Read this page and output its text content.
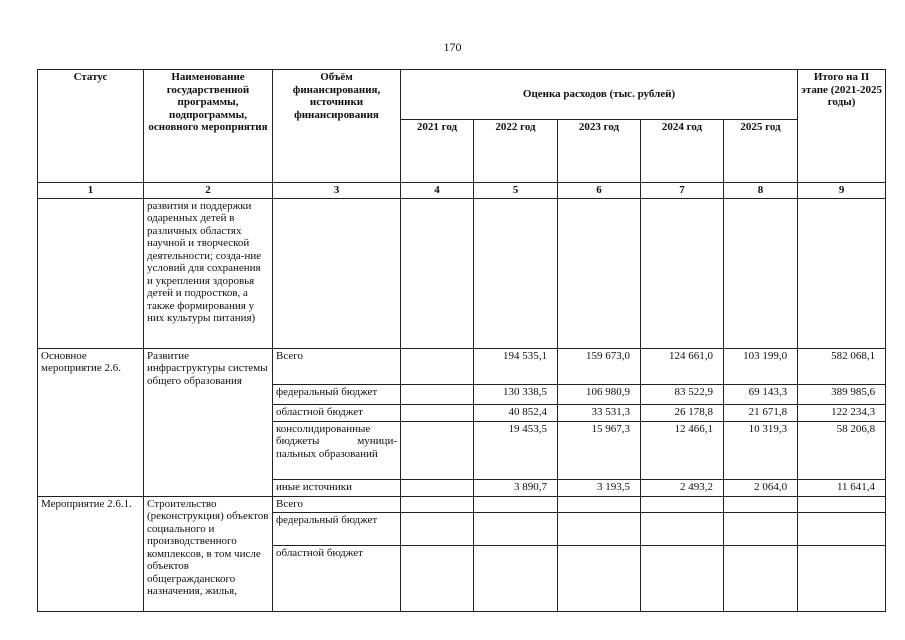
170
Статус	Наименование государственной программы, подпрограммы, основного мероприятия	Объём финансирования, источники финансирования	Оценка расходов (тыс. рублей)					Итого на II этапе (2021-2025 годы)
			2021 год	2022 год	2023 год	2024 год	2025 год	
1	2	3	4	5	6	7	8	9
	развития и поддержки одаренных детей в различных областях научной и творческой деятельности; созда-ние условий для сохранения и укрепления здоровья детей и подростков, а также формирования у них культуры питания)							
Основное мероприятие 2.6.	Развитие инфраструктуры системы общего образования	Всего		194 535,1	159 673,0	124 661,0	103 199,0	582 068,1
		федеральный бюджет		130 338,5	106 980,9	83 522,9	69 143,3	389 985,6
		областной бюджет		40 852,4	33 531,3	26 178,8	21 671,8	122 234,3
		консолидированные бюджеты муници-пальных образований		19 453,5	15 967,3	12 466,1	10 319,3	58 206,8
		иные источники		3 890,7	3 193,5	2 493,2	2 064,0	11 641,4
Мероприятие 2.6.1.	Строительство (реконструкция) объектов социального и производственного комплексов, в том числе объектов общегражданского назначения, жилья,	Всего						
		федеральный бюджет						
		областной бюджет						
